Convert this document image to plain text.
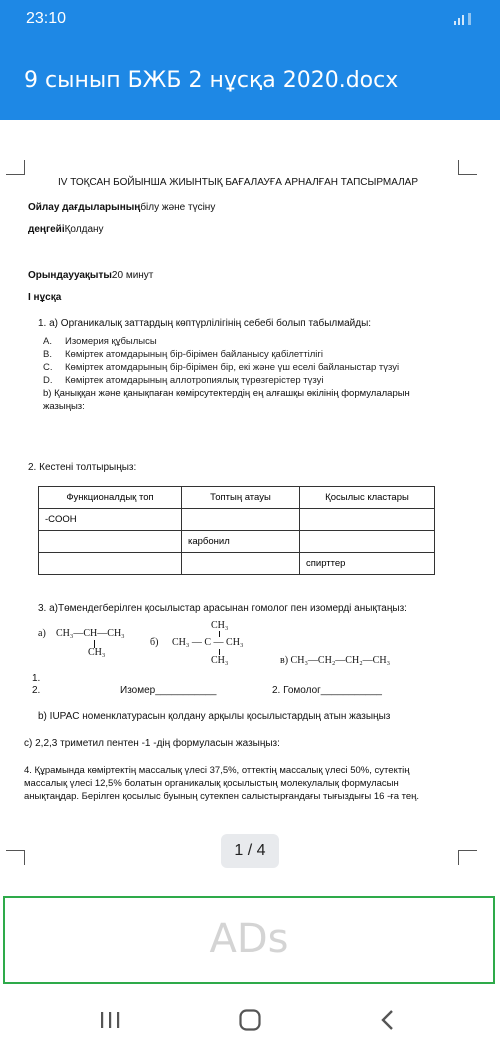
23:10
9 сынып БЖБ 2 нұсқа 2020.docx
IV ТОҚСАН БОЙЫНША ЖИЫНТЫҚ БАҒАЛАУҒА АРНАЛҒАН ТАПСЫРМАЛАР
Ойлау дағдыларыныңбілу және түсіну
деңгейіҚолдану
Орындаууақыты20 минут
I нұсқа
1. а) Органикалық заттардың көптүрлілігінің себебі болып табылмайды:
A. Изомерия құбылысы
B. Көміртек атомдарының бір-бірімен байланысу қабілеттілігі
C. Көміртек атомдарының бір-бірімен бір, екі және үш еселі байланыстар түзуі
D. Көміртек атомдарының аллотропиялық түрөзгерістер түзуі
b) Қаныққан және қанықпаған көмірсутектердің ең алғашқы өкілінің формулаларын
жазыңыз:
2. Кестені толтырыңыз:
Функционалдық топ	Топтың атауы	Қосылыс кластары
-COOH		
	карбонил	
		спирттер
3. а)Төмендегберілген қосылыстар арасынан гомолог пен изомерді анықтаңыз:
а) CH₃—CH—CH₃
CH₃
б)
CH₃
CH₃ — C — CH₃
CH₃	в) CH₃—CH₂—CH₂—CH₃
1.
2.	Изомер___________	2. Гомолог___________
b) IUPAC номенклатурасын қолдану арқылы қосылыстардың атын жазыңыз
c) 2,2,3 триметил пентен -1 -дің формуласын жазыңыз:
4. Құрамында көміртектің массалық үлесі 37,5%, оттектің массалық үлесі 50%, сутектің
массалық үлесі 12,5% болатын органикалық қосылыстың молекулалық формуласын
анықтаңдар. Берілген қосылыс буының сутекпен салыстырғандағы тығыздығы 16 -ға тең.
1 / 4
ADs
